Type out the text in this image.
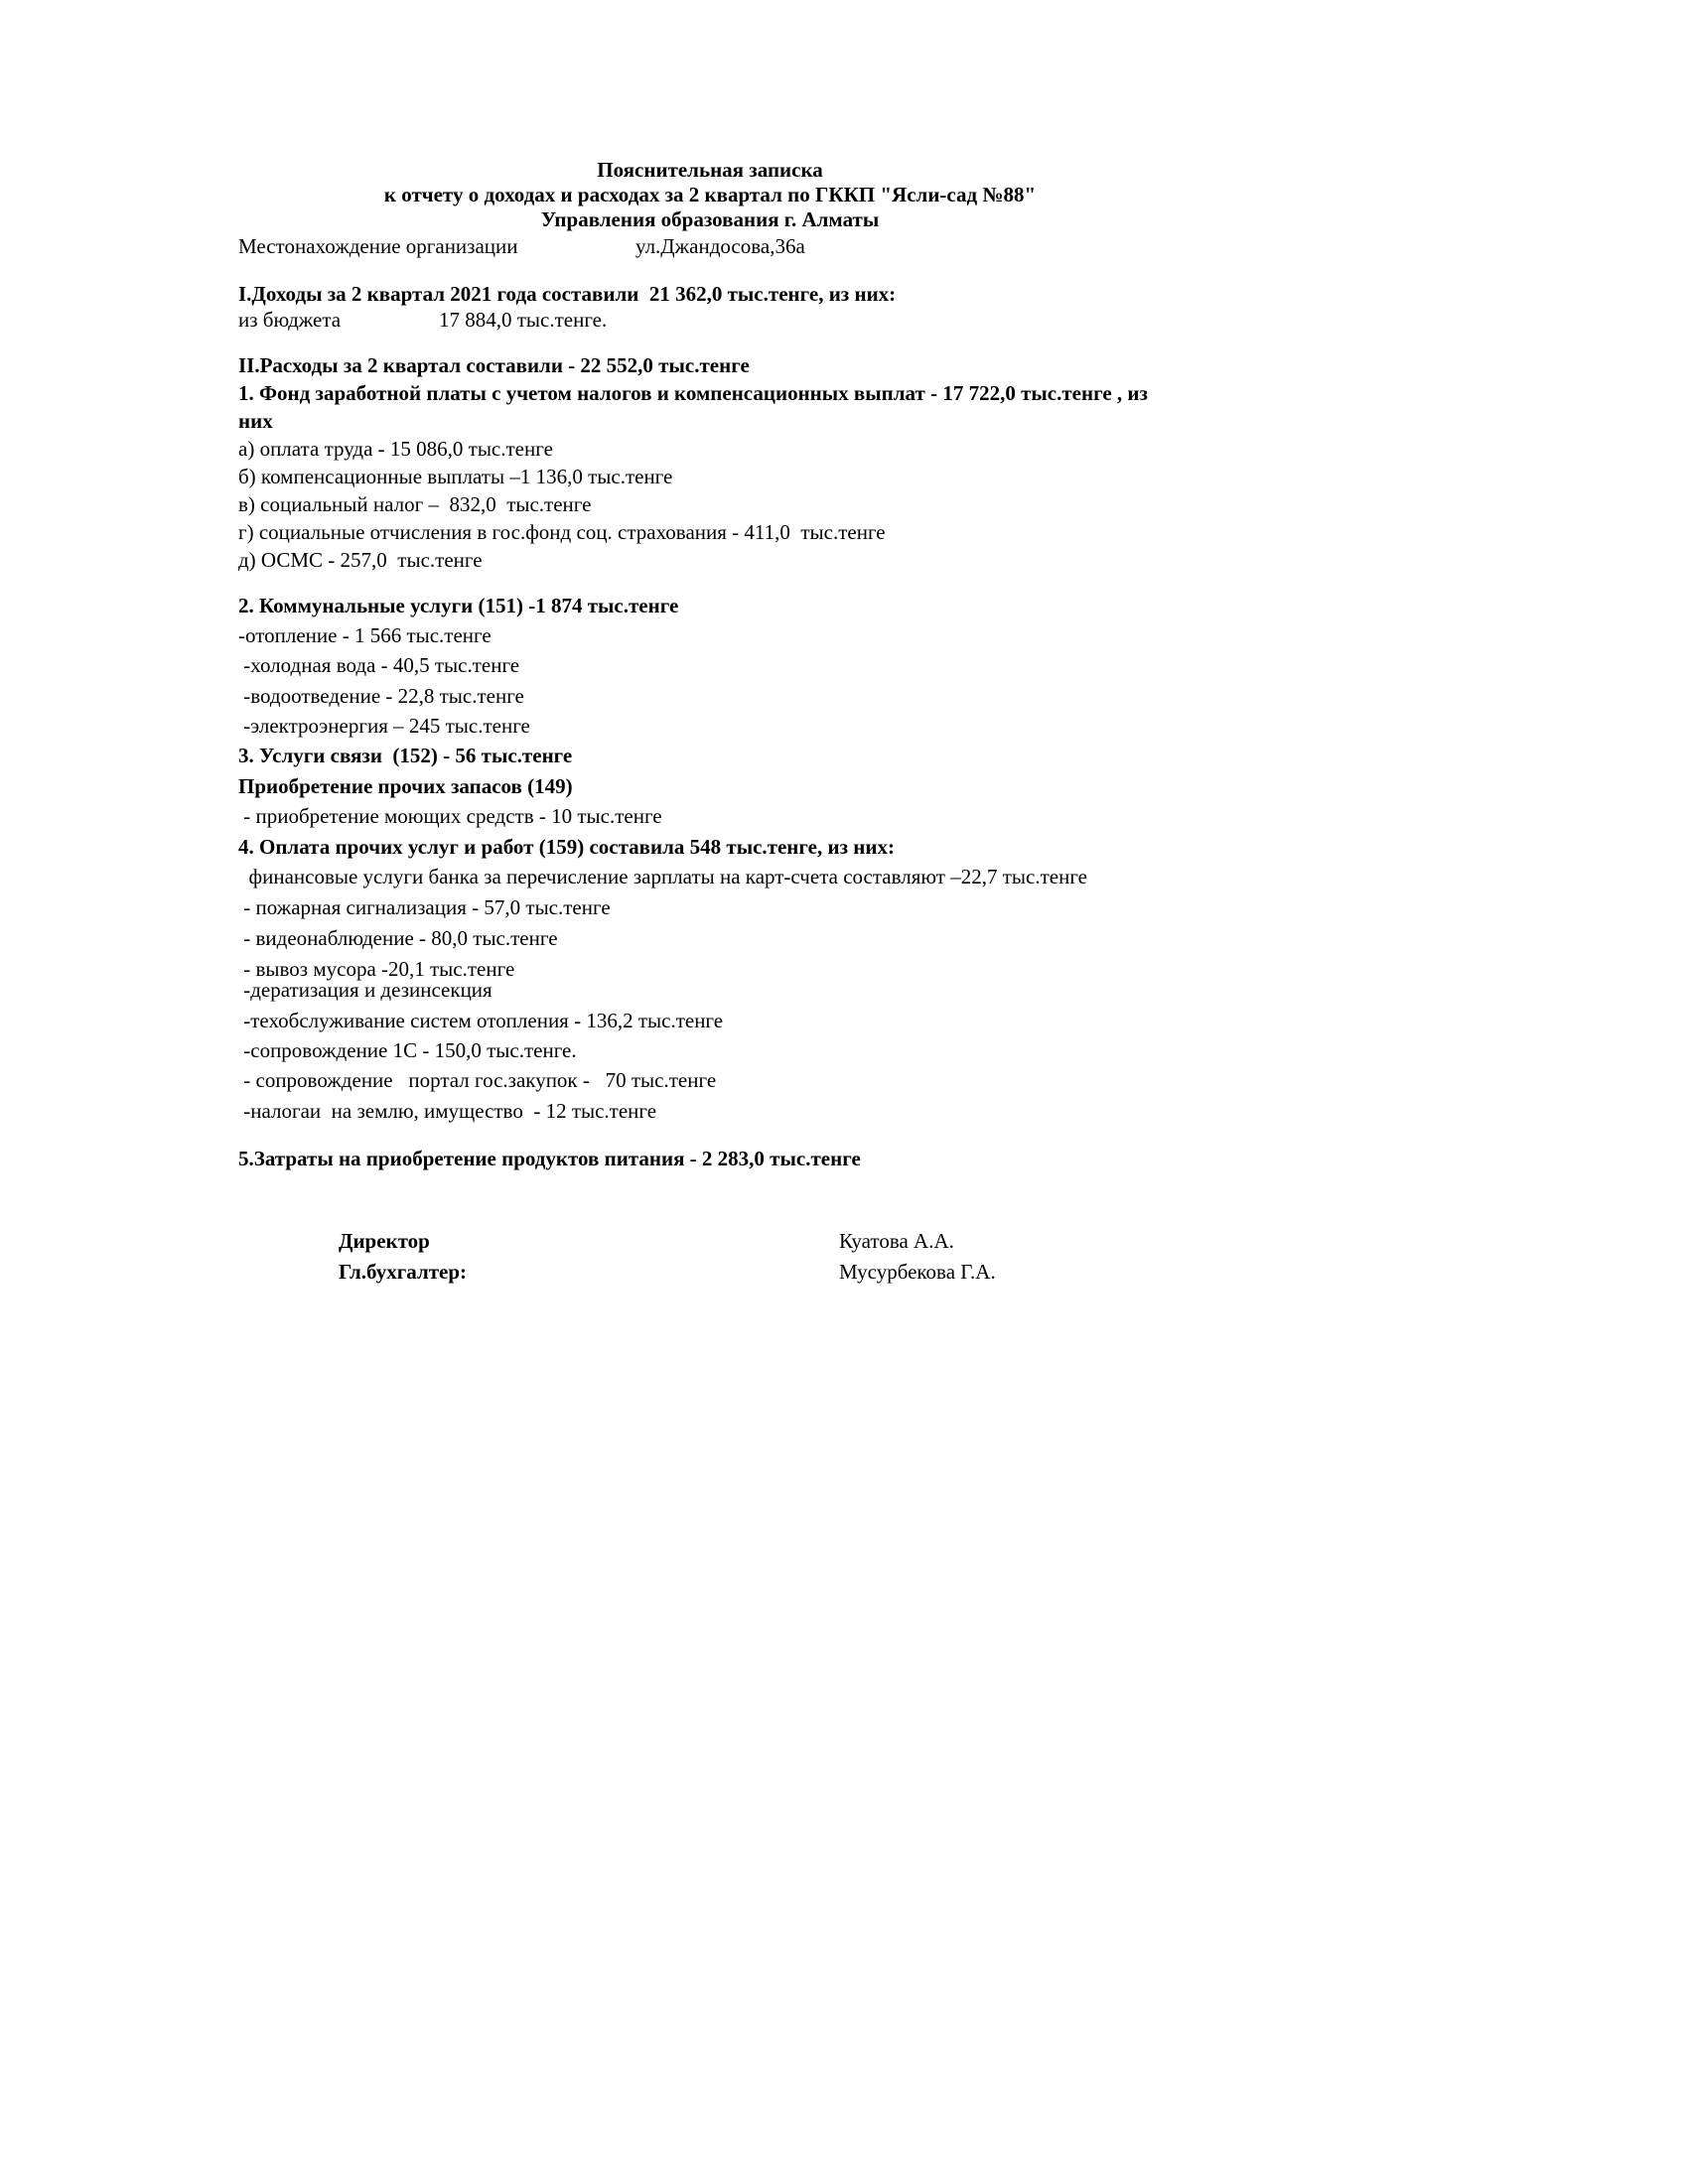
Пояснительная записка
к отчету о доходах и расходах за 2 квартал по ГККП "Ясли-сад №88"
Управления образования г. Алматы
Местонахождение организации	ул.Джандосова,36а
I.Доходы за 2 квартал 2021 года составили  21 362,0 тыс.тенге, из них:
из бюджета	17 884,0 тыс.тенге.
II.Расходы за 2 квартал составили - 22 552,0 тыс.тенге
1. Фонд заработной платы с учетом налогов и компенсационных выплат - 17 722,0 тыс.тенге , из
них
а) оплата труда - 15 086,0 тыс.тенге
б) компенсационные выплаты –1 136,0 тыс.тенге
в) социальный налог –  832,0  тыс.тенге
г) социальные отчисления в гос.фонд соц. страхования - 411,0  тыс.тенге
д) ОСМС - 257,0  тыс.тенге
2. Коммунальные услуги (151) -1 874 тыс.тенге
-отопление - 1 566 тыс.тенге
-холодная вода - 40,5 тыс.тенге
-водоотведение - 22,8 тыс.тенге
-электроэнергия – 245 тыс.тенге
3. Услуги связи  (152) - 56 тыс.тенге
Приобретение прочих запасов (149)
- приобретение моющих средств - 10 тыс.тенге
4. Оплата прочих услуг и работ (159) составила 548 тыс.тенге, из них:
финансовые услуги банка за перечисление зарплаты на карт-счета составляют –22,7 тыс.тенге
- пожарная сигнализация - 57,0 тыс.тенге
- видеонаблюдение - 80,0 тыс.тенге
- вывоз мусора -20,1 тыс.тенге
-дератизация и дезинсекция
-техобслуживание систем отопления - 136,2 тыс.тенге
-сопровождение 1С - 150,0 тыс.тенге.
- сопровождение   портал гос.закупок -   70 тыс.тенге
-налогаи  на землю, имущество  - 12 тыс.тенге
5.Затраты на приобретение продуктов питания - 2 283,0 тыс.тенге
Директор	Куатова А.А.
Гл.бухгалтер:	Мусурбекова Г.А.
